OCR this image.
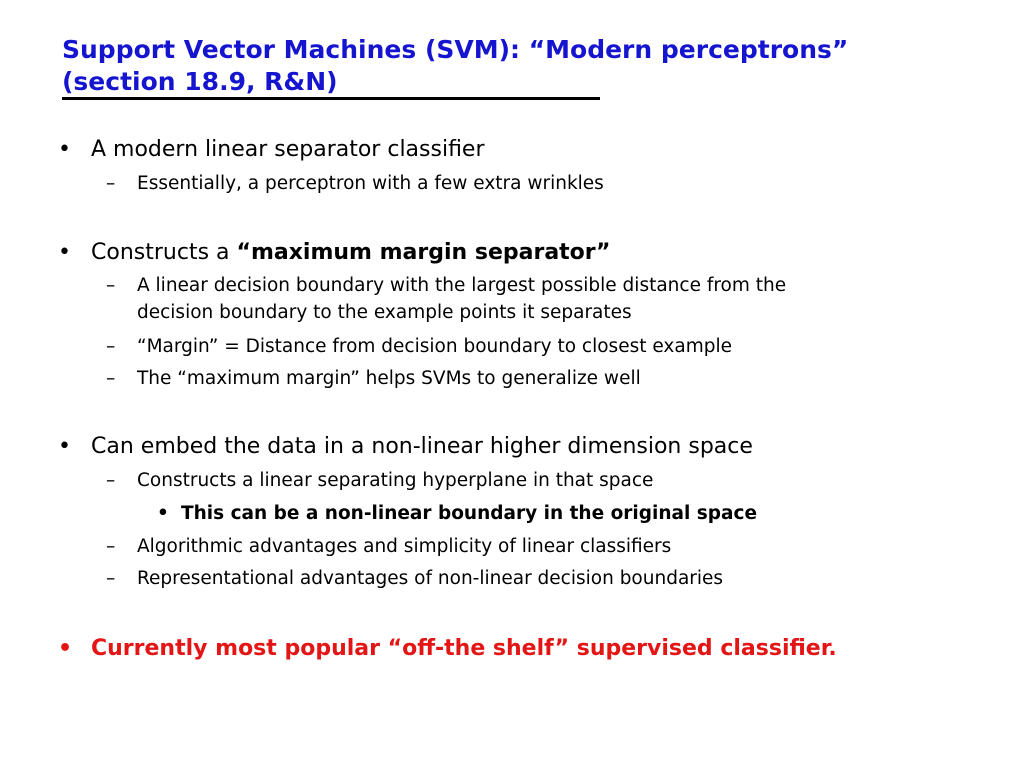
Support Vector Machines (SVM): “Modern perceptrons”
(section 18.9, R&N)
• A modern linear separator classifier
– Essentially, a perceptron with a few extra wrinkles
• Constructs a “maximum margin separator”
– A linear decision boundary with the largest possible distance from the
decision boundary to the example points it separates
– “Margin” = Distance from decision boundary to closest example
– The “maximum margin” helps SVMs to generalize well
• Can embed the data in a non-linear higher dimension space
– Constructs a linear separating hyperplane in that space
• This can be a non-linear boundary in the original space
– Algorithmic advantages and simplicity of linear classifiers
– Representational advantages of non-linear decision boundaries
• Currently most popular “off-the shelf” supervised classifier.
